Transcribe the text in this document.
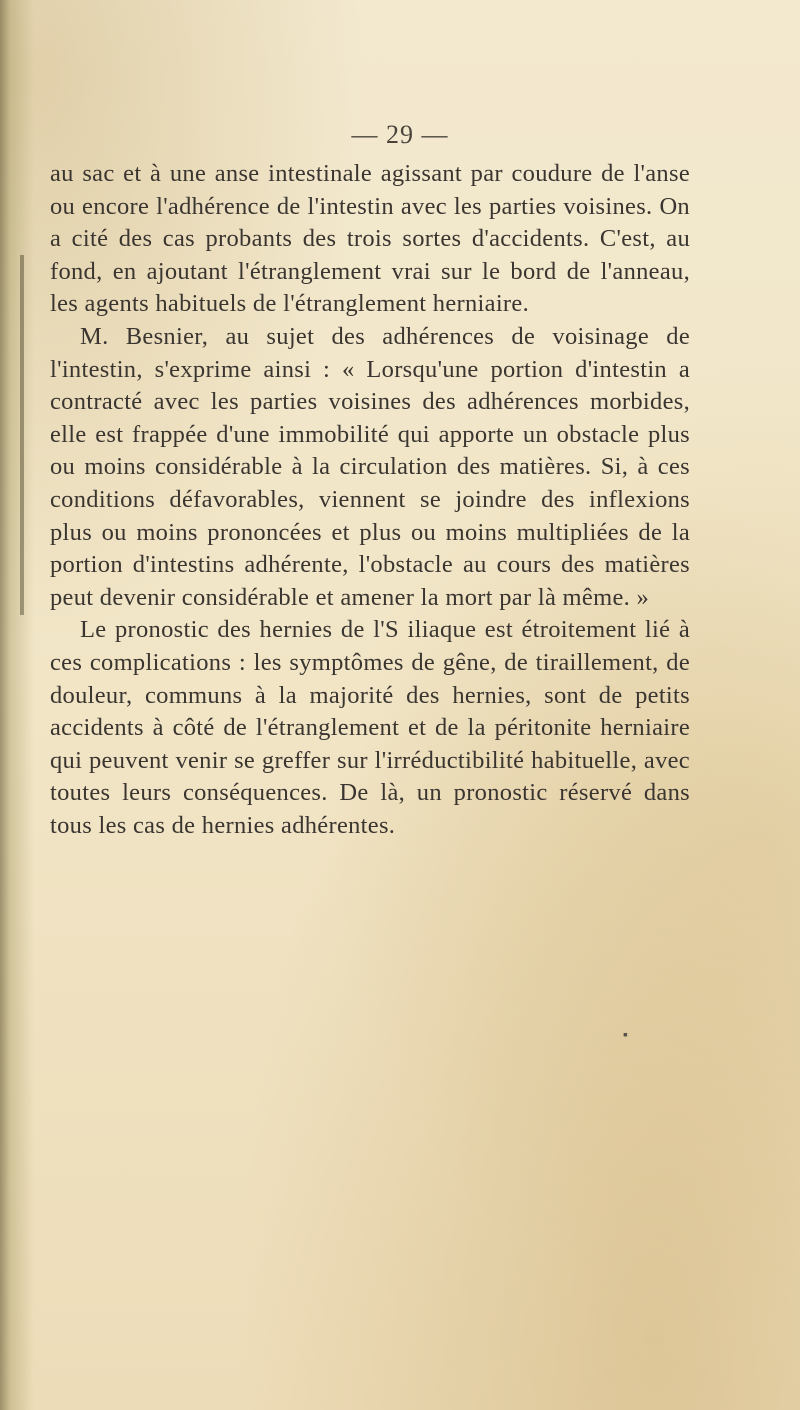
— 29 —

au sac et à une anse intestinale agissant par coudure de l'anse ou encore l'adhérence de l'intestin avec les parties voisines. On a cité des cas probants des trois sortes d'accidents. C'est, au fond, en ajoutant l'étranglement vrai sur le bord de l'anneau, les agents habituels de l'étranglement herniaire.

M. Besnier, au sujet des adhérences de voisinage de l'intestin, s'exprime ainsi : « Lorsqu'une portion d'intestin a contracté avec les parties voisines des adhérences morbides, elle est frappée d'une immobilité qui apporte un obstacle plus ou moins considérable à la circulation des matières. Si, à ces conditions défavorables, viennent se joindre des inflexions plus ou moins prononcées et plus ou moins multipliées de la portion d'intestins adhérente, l'obstacle au cours des matières peut devenir considérable et amener la mort par là même. »

Le pronostic des hernies de l'S iliaque est étroitement lié à ces complications : les symptômes de gêne, de tiraillement, de douleur, communs à la majorité des hernies, sont de petits accidents à côté de l'étranglement et de la péritonite herniaire qui peuvent venir se greffer sur l'irréductibilité habituelle, avec toutes leurs conséquences. De là, un pronostic réservé dans tous les cas de hernies adhérentes.

▪
